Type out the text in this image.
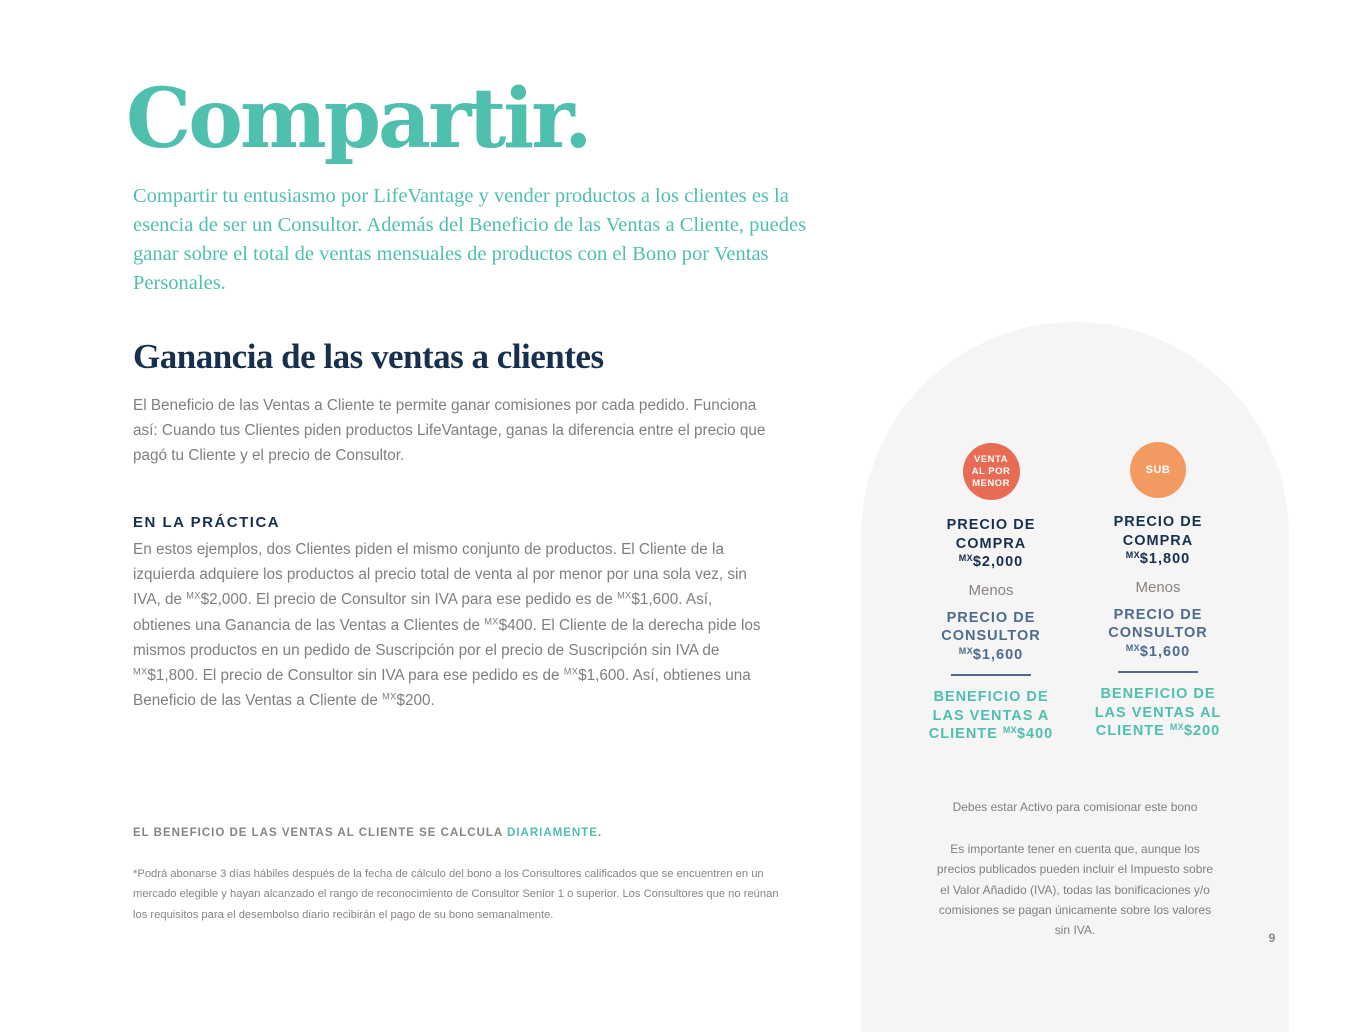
Compartir.

Compartir tu entusiasmo por LifeVantage y vender productos a los clientes es la esencia de ser un Consultor. Además del Beneficio de las Ventas a Cliente, puedes ganar sobre el total de ventas mensuales de productos con el Bono por Ventas Personales.

Ganancia de las ventas a clientes

El Beneficio de las Ventas a Cliente te permite ganar comisiones por cada pedido. Funciona así: Cuando tus Clientes piden productos LifeVantage, ganas la diferencia entre el precio que pagó tu Cliente y el precio de Consultor.

EN LA PRÁCTICA

En estos ejemplos, dos Clientes piden el mismo conjunto de productos. El Cliente de la izquierda adquiere los productos al precio total de venta al por menor por una sola vez, sin IVA, de $^{MX}$\$2,000. El precio de Consultor sin IVA para ese pedido es de $^{MX}$\$1,600. Así, obtienes una Ganancia de las Ventas a Clientes de $^{MX}$\$400. El Cliente de la derecha pide los mismos productos en un pedido de Suscripción por el precio de Suscripción sin IVA de $^{MX}$\$1,800. El precio de Consultor sin IVA para ese pedido es de $^{MX}$\$1,600. Así, obtienes una Beneficio de las Ventas a Cliente de $^{MX}$\$200.

EL BENEFICIO DE LAS VENTAS AL CLIENTE SE CALCULA DIARIAMENTE.

*Podrá abonarse 3 días hábiles después de la fecha de cálculo del bono a los Consultores calificados que se encuentren en un mercado elegible y hayan alcanzado el rango de reconocimiento de Consultor Senior 1 o superior. Los Consultores que no reúnan los requisitos para el desembolso diario recibirán el pago de su bono semanalmente.

VENTA AL POR MENOR

PRECIO DE COMPRA
$^{MX}$\$2,000

Menos

PRECIO DE CONSULTOR
$^{MX}$\$1,600

BENEFICIO DE LAS VENTAS A CLIENTE $^{MX}$\$400

SUB

PRECIO DE COMPRA
$^{MX}$\$1,800

Menos

PRECIO DE CONSULTOR
$^{MX}$\$1,600

BENEFICIO DE LAS VENTAS AL CLIENTE $^{MX}$\$200

Debes estar Activo para comisionar este bono

Es importante tener en cuenta que, aunque los precios publicados pueden incluir el Impuesto sobre el Valor Añadido (IVA), todas las bonificaciones y/o comisiones se pagan únicamente sobre los valores sin IVA.

9
